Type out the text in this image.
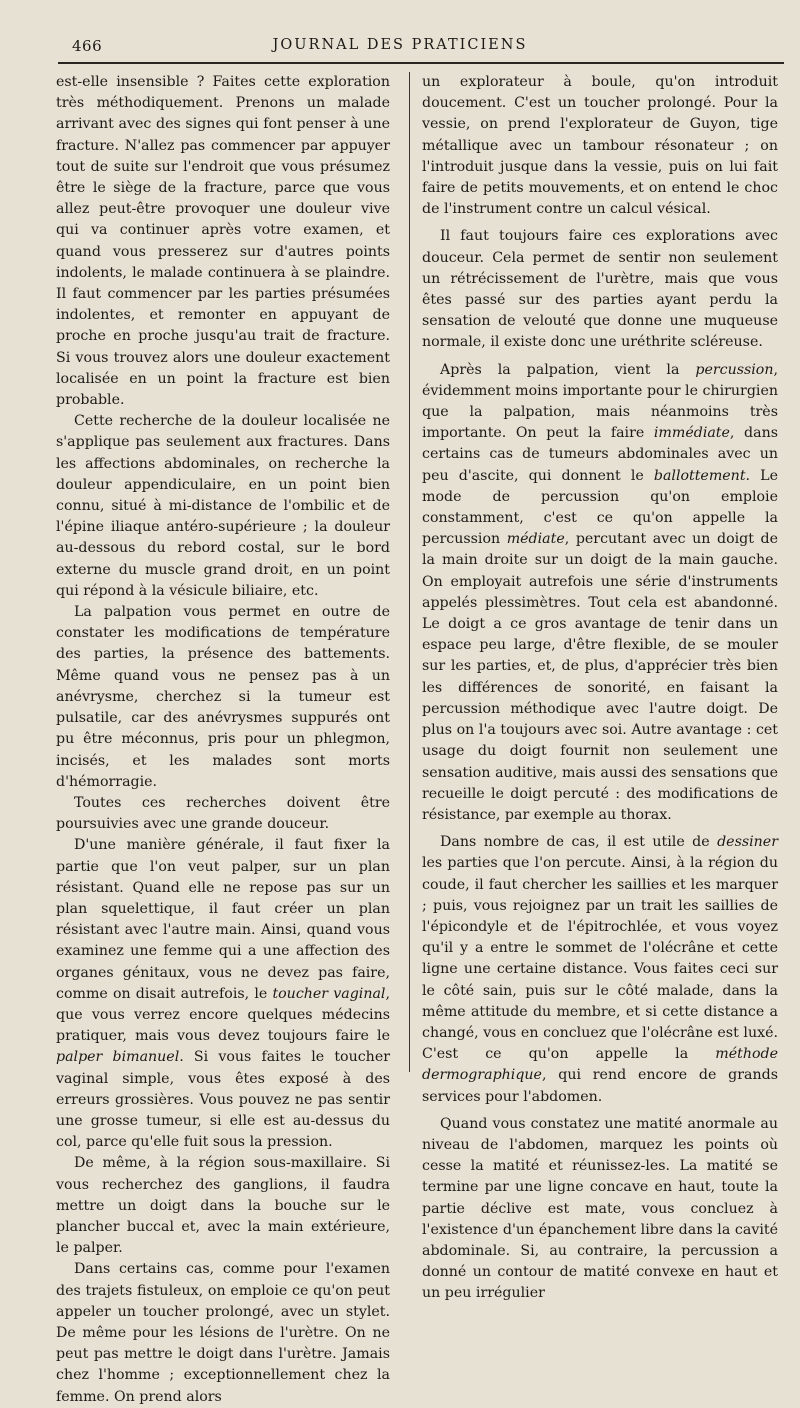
466	JOURNAL DES PRATICIENS

est-elle insensible ? Faites cette exploration très méthodiquement. Prenons un malade arrivant avec des signes qui font penser à une fracture. N'allez pas commencer par appuyer tout de suite sur l'endroit que vous présumez être le siège de la fracture, parce que vous allez peut-être provoquer une douleur vive qui va continuer après votre examen, et quand vous presserez sur d'autres points indolents, le malade continuera à se plaindre. Il faut commencer par les parties présumées indolentes, et remonter en appuyant de proche en proche jusqu'au trait de fracture. Si vous trouvez alors une douleur exactement localisée en un point la fracture est bien probable.

Cette recherche de la douleur localisée ne s'applique pas seulement aux fractures. Dans les affections abdominales, on recherche la douleur appendiculaire, en un point bien connu, situé à mi-distance de l'ombilic et de l'épine iliaque antéro-supérieure ; la douleur au-dessous du rebord costal, sur le bord externe du muscle grand droit, en un point qui répond à la vésicule biliaire, etc.

La palpation vous permet en outre de constater les modifications de température des parties, la présence des battements. Même quand vous ne pensez pas à un anévrysme, cherchez si la tumeur est pulsatile, car des anévrysmes suppurés ont pu être méconnus, pris pour un phlegmon, incisés, et les malades sont morts d'hémorragie.

Toutes ces recherches doivent être poursuivies avec une grande douceur.

D'une manière générale, il faut fixer la partie que l'on veut palper, sur un plan résistant. Quand elle ne repose pas sur un plan squelettique, il faut créer un plan résistant avec l'autre main. Ainsi, quand vous examinez une femme qui a une affection des organes génitaux, vous ne devez pas faire, comme on disait autrefois, le toucher vaginal, que vous verrez encore quelques médecins pratiquer, mais vous devez toujours faire le palper bimanuel. Si vous faites le toucher vaginal simple, vous êtes exposé à des erreurs grossières. Vous pouvez ne pas sentir une grosse tumeur, si elle est au-dessus du col, parce qu'elle fuit sous la pression.

De même, à la région sous-maxillaire. Si vous recherchez des ganglions, il faudra mettre un doigt dans la bouche sur le plancher buccal et, avec la main extérieure, le palper.

Dans certains cas, comme pour l'examen des trajets fistuleux, on emploie ce qu'on peut appeler un toucher prolongé, avec un stylet. De même pour les lésions de l'urètre. On ne peut pas mettre le doigt dans l'urètre. Jamais chez l'homme ; exceptionnellement chez la femme. On prend alors

un explorateur à boule, qu'on introduit doucement. C'est un toucher prolongé. Pour la vessie, on prend l'explorateur de Guyon, tige métallique avec un tambour résonateur ; on l'introduit jusque dans la vessie, puis on lui fait faire de petits mouvements, et on entend le choc de l'instrument contre un calcul vésical.

Il faut toujours faire ces explorations avec douceur. Cela permet de sentir non seulement un rétrécissement de l'urètre, mais que vous êtes passé sur des parties ayant perdu la sensation de velouté que donne une muqueuse normale, il existe donc une uréthrite scléreuse.

Après la palpation, vient la percussion, évidemment moins importante pour le chirurgien que la palpation, mais néanmoins très importante. On peut la faire immédiate, dans certains cas de tumeurs abdominales avec un peu d'ascite, qui donnent le ballottement. Le mode de percussion qu'on emploie constamment, c'est ce qu'on appelle la percussion médiate, percutant avec un doigt de la main droite sur un doigt de la main gauche. On employait autrefois une série d'instruments appelés plessimètres. Tout cela est abandonné. Le doigt a ce gros avantage de tenir dans un espace peu large, d'être flexible, de se mouler sur les parties, et, de plus, d'apprécier très bien les différences de sonorité, en faisant la percussion méthodique avec l'autre doigt. De plus on l'a toujours avec soi. Autre avantage : cet usage du doigt fournit non seulement une sensation auditive, mais aussi des sensations que recueille le doigt percuté : des modifications de résistance, par exemple au thorax.

Dans nombre de cas, il est utile de dessiner les parties que l'on percute. Ainsi, à la région du coude, il faut chercher les saillies et les marquer ; puis, vous rejoignez par un trait les saillies de l'épicondyle et de l'épitrochlée, et vous voyez qu'il y a entre le sommet de l'olécrâne et cette ligne une certaine distance. Vous faites ceci sur le côté sain, puis sur le côté malade, dans la même attitude du membre, et si cette distance a changé, vous en concluez que l'olécrâne est luxé. C'est ce qu'on appelle la méthode dermographique, qui rend encore de grands services pour l'abdomen.

Quand vous constatez une matité anormale au niveau de l'abdomen, marquez les points où cesse la matité et réunissez-les. La matité se termine par une ligne concave en haut, toute la partie déclive est mate, vous concluez à l'existence d'un épanchement libre dans la cavité abdominale. Si, au contraire, la percussion a donné un contour de matité convexe en haut et un peu irrégulier
